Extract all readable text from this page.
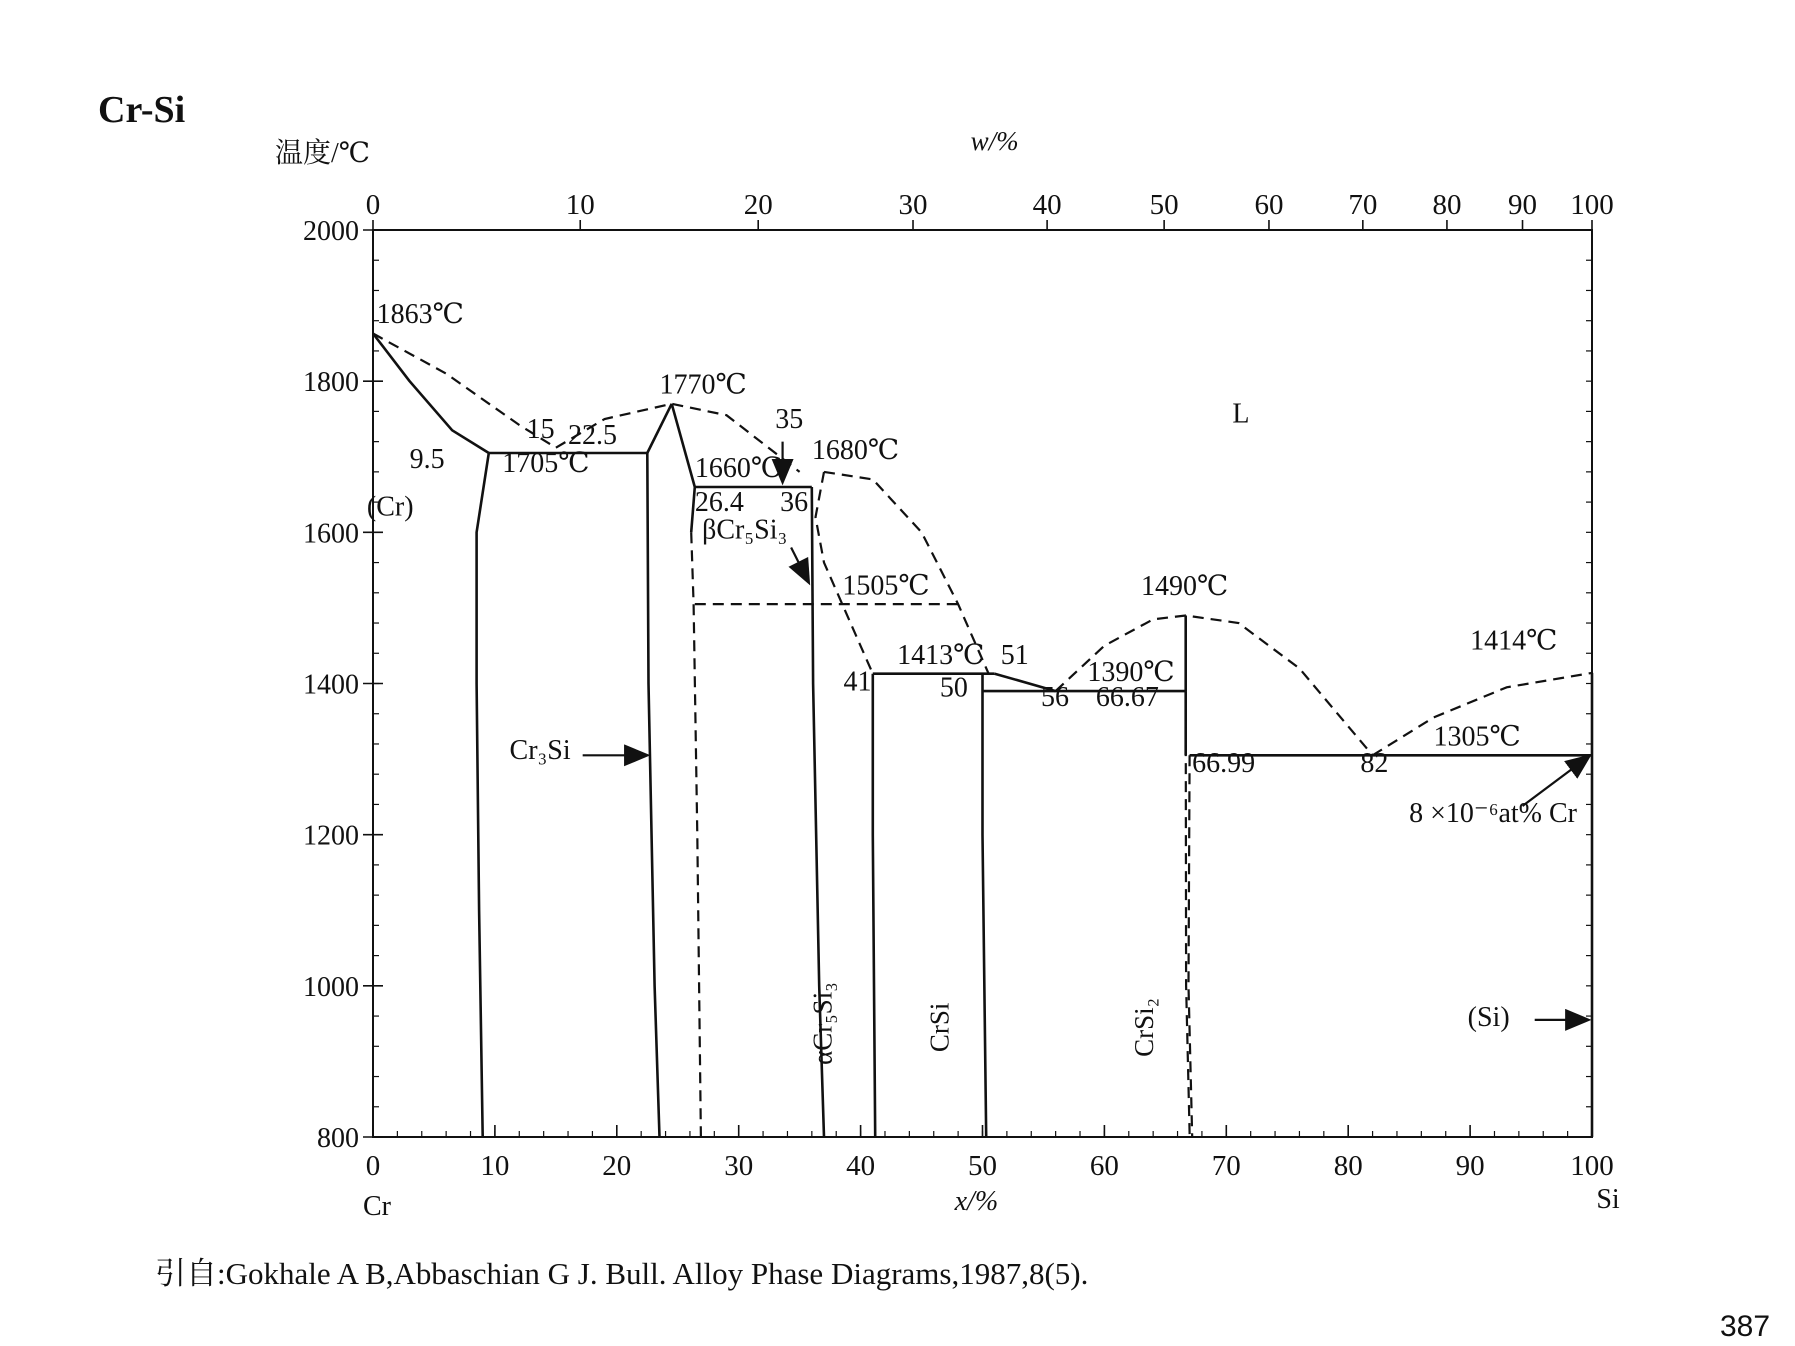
Cr-Si
0	10	20	30	40	50	60	70	80	90	100
800
1000
1200
1400
1600
1800
2000
0	10	20	30	40	50	60 70 80 90 100
温度/℃	w/%
x/%
Cr	Si
1863℃
1770℃
1705℃
15 22.5
9.5
(Cr)
35
1680℃
1660℃
26.4 36
βCr₅Si₃
1505℃
1413℃ 51
41 50	56
1390℃
66.67
1490℃
1414℃
1305℃
66.99	82
L
Cr₃Si
8 ×10⁻⁶at% Cr
(Si)
αCr₅Si₃	CrSi	CrSi₂
引自:Gokhale A B,Abbaschian G J. Bull. Alloy Phase Diagrams,1987,8(5).
387
